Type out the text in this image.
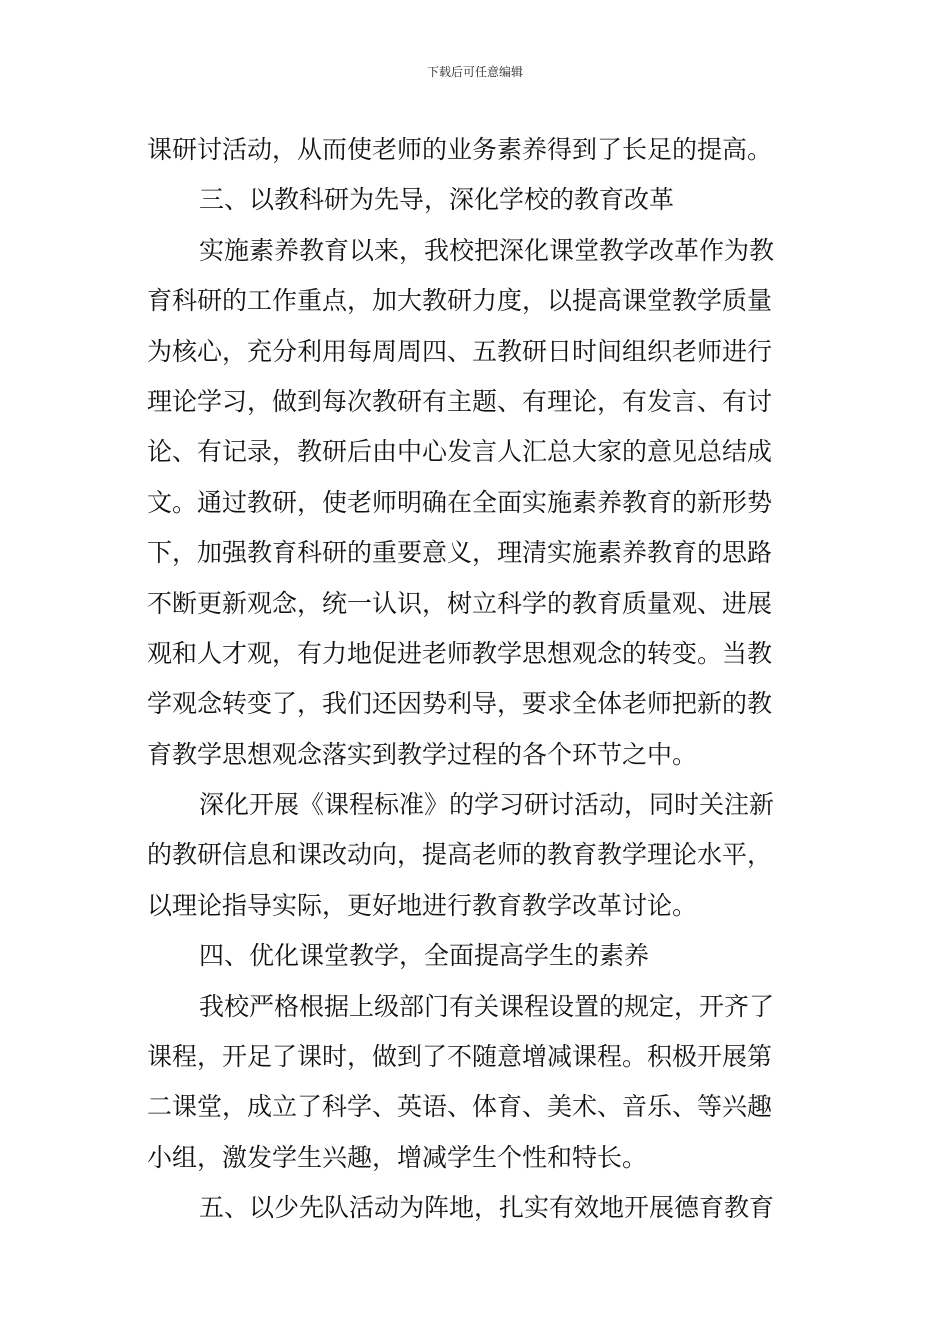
下载后可任意编辑
课研讨活动，从而使老师的业务素养得到了长足的提高。
三、以教科研为先导，深化学校的教育改革
实施素养教育以来，我校把深化课堂教学改革作为教
育科研的工作重点，加大教研力度，以提高课堂教学质量
为核心，充分利用每周周四、五教研日时间组织老师进行
理论学习，做到每次教研有主题、有理论，有发言、有讨
论、有记录，教研后由中心发言人汇总大家的意见总结成
文。通过教研，使老师明确在全面实施素养教育的新形势
下，加强教育科研的重要意义，理清实施素养教育的思路
不断更新观念，统一认识，树立科学的教育质量观、进展
观和人才观，有力地促进老师教学思想观念的转变。当教
学观念转变了，我们还因势利导，要求全体老师把新的教
育教学思想观念落实到教学过程的各个环节之中。
深化开展《课程标准》的学习研讨活动，同时关注新
的教研信息和课改动向，提高老师的教育教学理论水平，
以理论指导实际，更好地进行教育教学改革讨论。
四、优化课堂教学，全面提高学生的素养
我校严格根据上级部门有关课程设置的规定，开齐了
课程，开足了课时，做到了不随意增减课程。积极开展第
二课堂，成立了科学、英语、体育、美术、音乐、等兴趣
小组，激发学生兴趣，增减学生个性和特长。
五、以少先队活动为阵地，扎实有效地开展德育教育
